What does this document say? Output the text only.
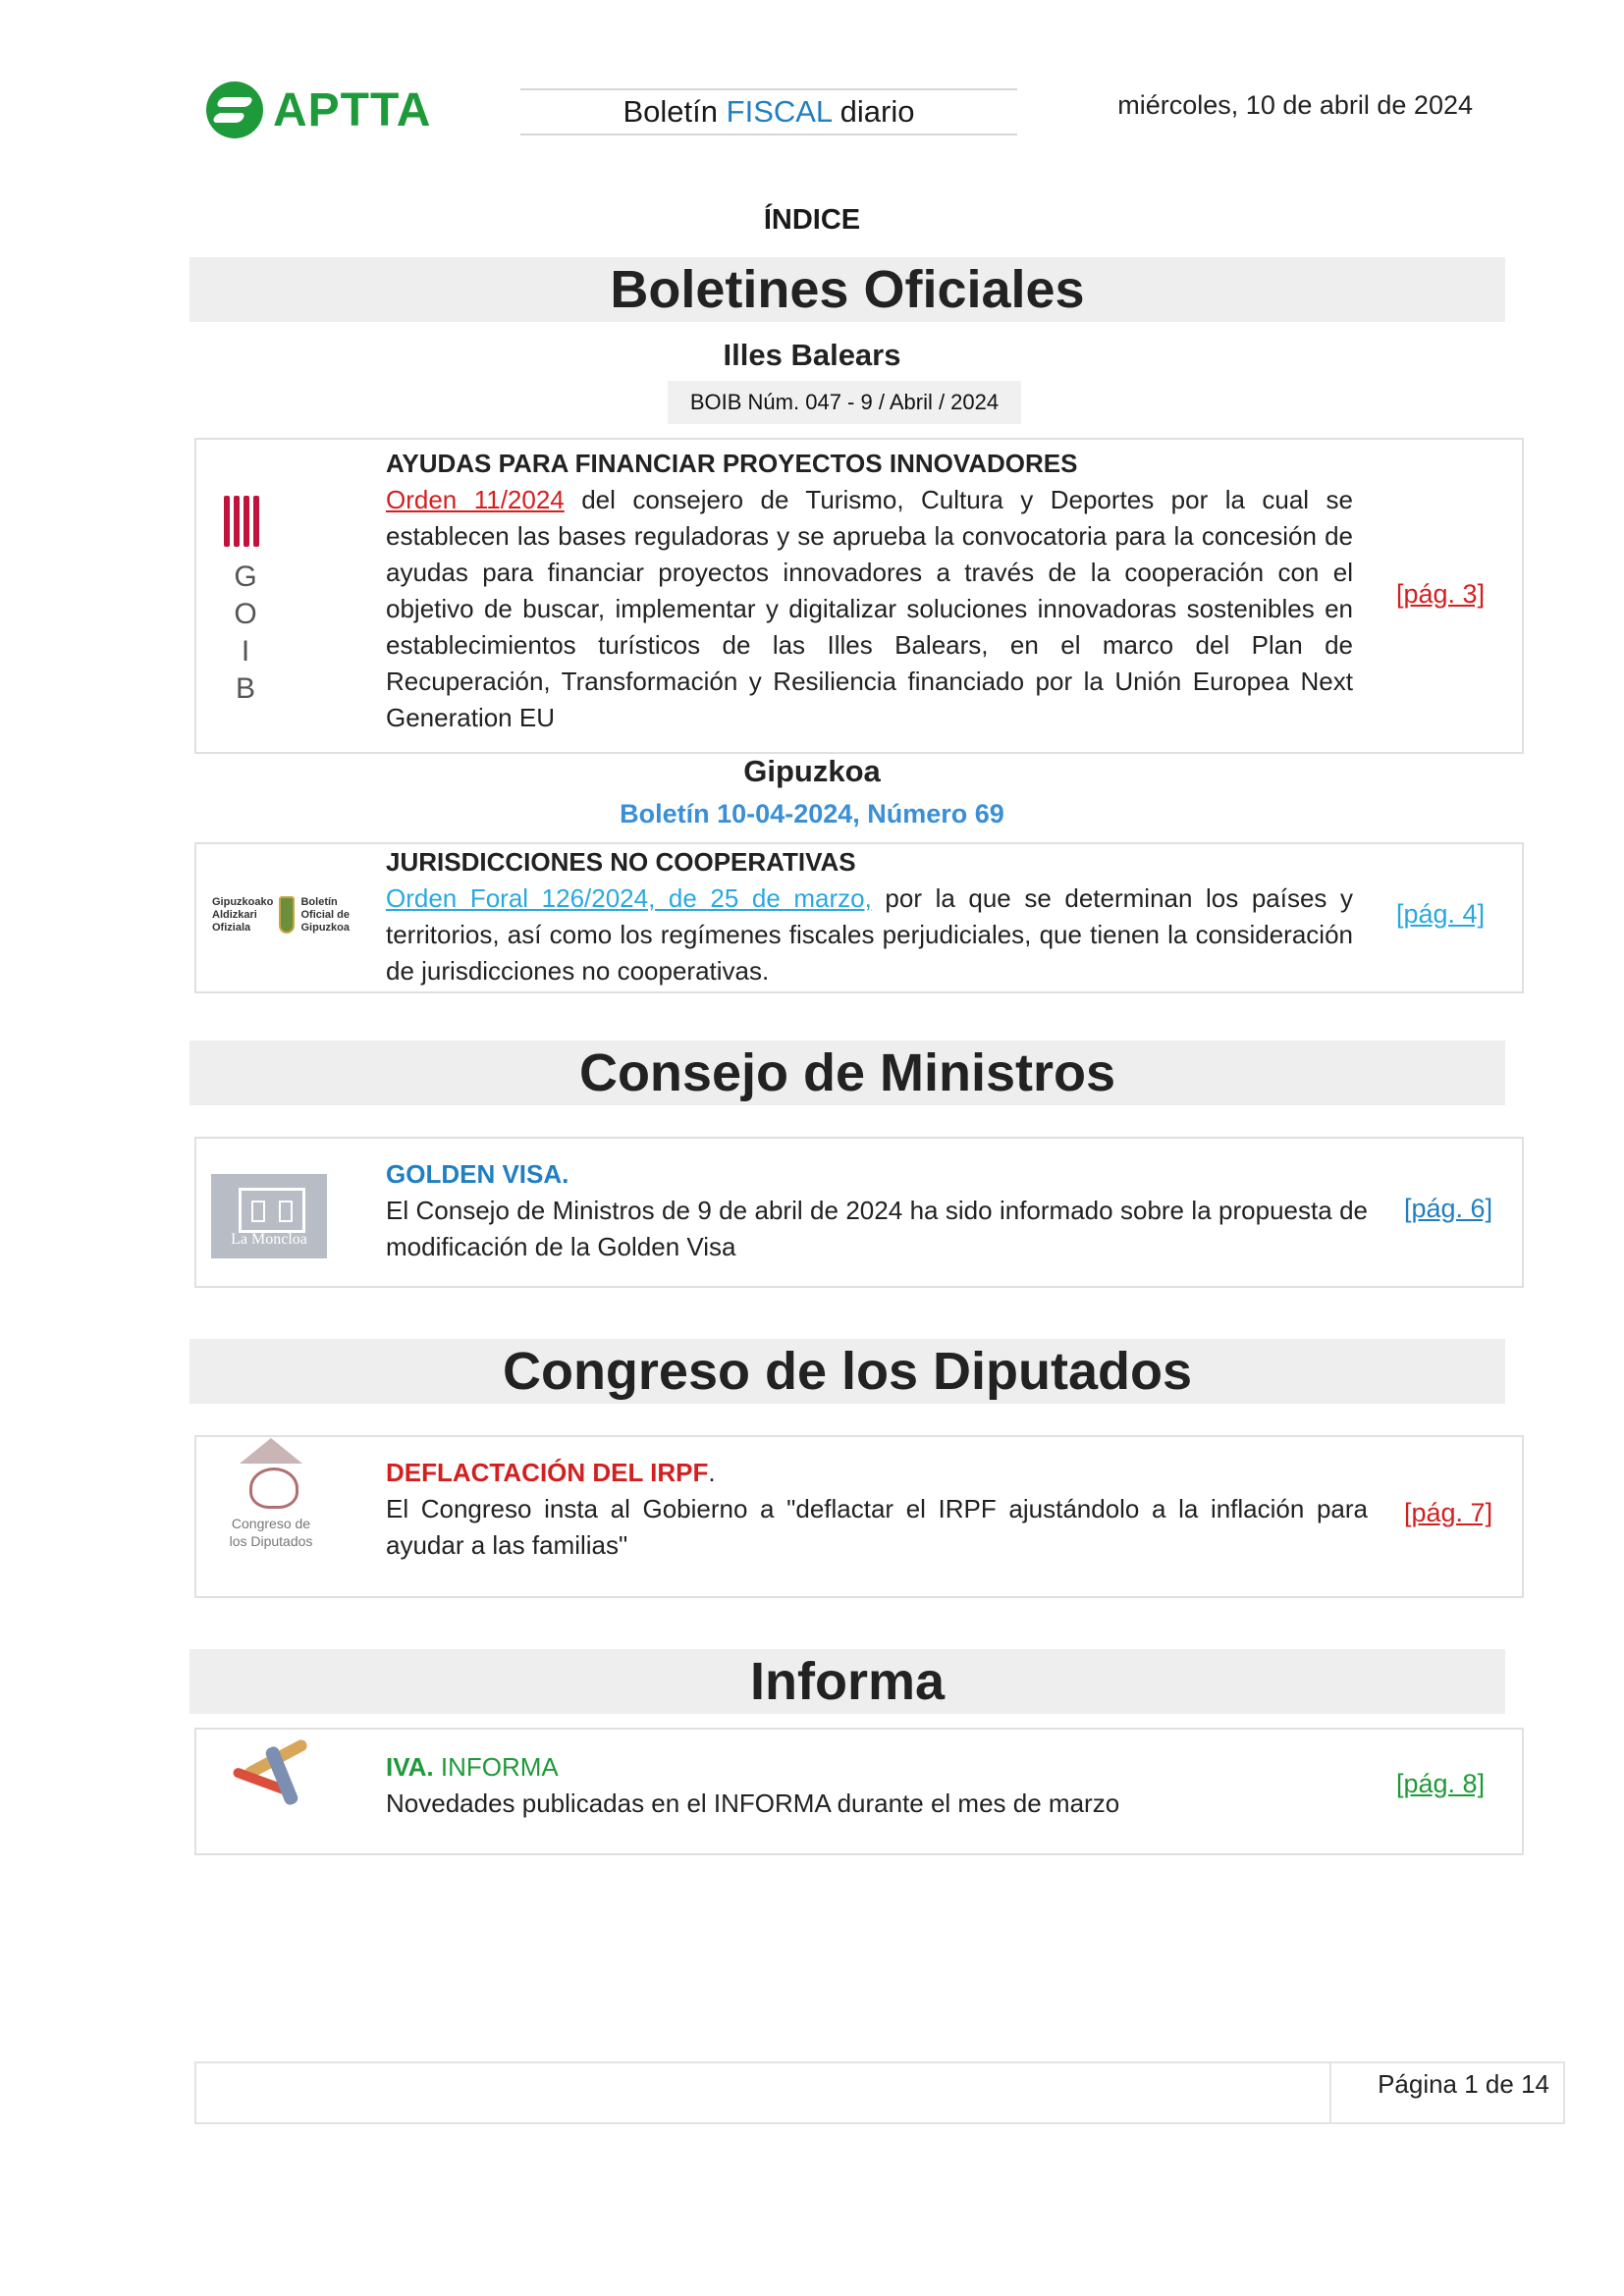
APTTA	Boletín FISCAL diario	miércoles, 10 de abril de 2024
ÍNDICE
Boletines Oficiales
Illes Balears
BOIB Núm. 047 - 9 / Abril / 2024
AYUDAS PARA FINANCIAR PROYECTOS INNOVADORES
Orden 11/2024 del consejero de Turismo, Cultura y Deportes por la cual se establecen las bases reguladoras y se aprueba la convocatoria para la concesión de ayudas para financiar proyectos innovadores a través de la cooperación con el objetivo de buscar, implementar y digitalizar soluciones innovadoras sostenibles en establecimientos turísticos de las Illes Balears, en el marco del Plan de Recuperación, Transformación y Resiliencia financiado por la Unión Europea Next Generation EU
[pág. 3]
G
O
I
B
Gipuzkoa
Boletín 10-04-2024, Número 69
JURISDICCIONES NO COOPERATIVAS
Orden Foral 126/2024, de 25 de marzo, por la que se determinan los países y territorios, así como los regímenes fiscales perjudiciales, que tienen la consideración de jurisdicciones no cooperativas.
[pág. 4]
Gipuzkoako
Aldizkari
Ofiziala
Boletín
Oficial de
Gipuzkoa
Consejo de Ministros
GOLDEN VISA.
El Consejo de Ministros de 9 de abril de 2024 ha sido informado sobre la propuesta de modificación de la Golden Visa
[pág. 6]
La Moncloa
Congreso de los Diputados
DEFLACTACIÓN DEL IRPF.
El Congreso insta al Gobierno a "deflactar el IRPF ajustándolo a la inflación para ayudar a las familias"
[pág. 7]
Congreso de los Diputados
Informa
IVA. INFORMA
Novedades publicadas en el INFORMA durante el mes de marzo
[pág. 8]
Página 1 de 14
